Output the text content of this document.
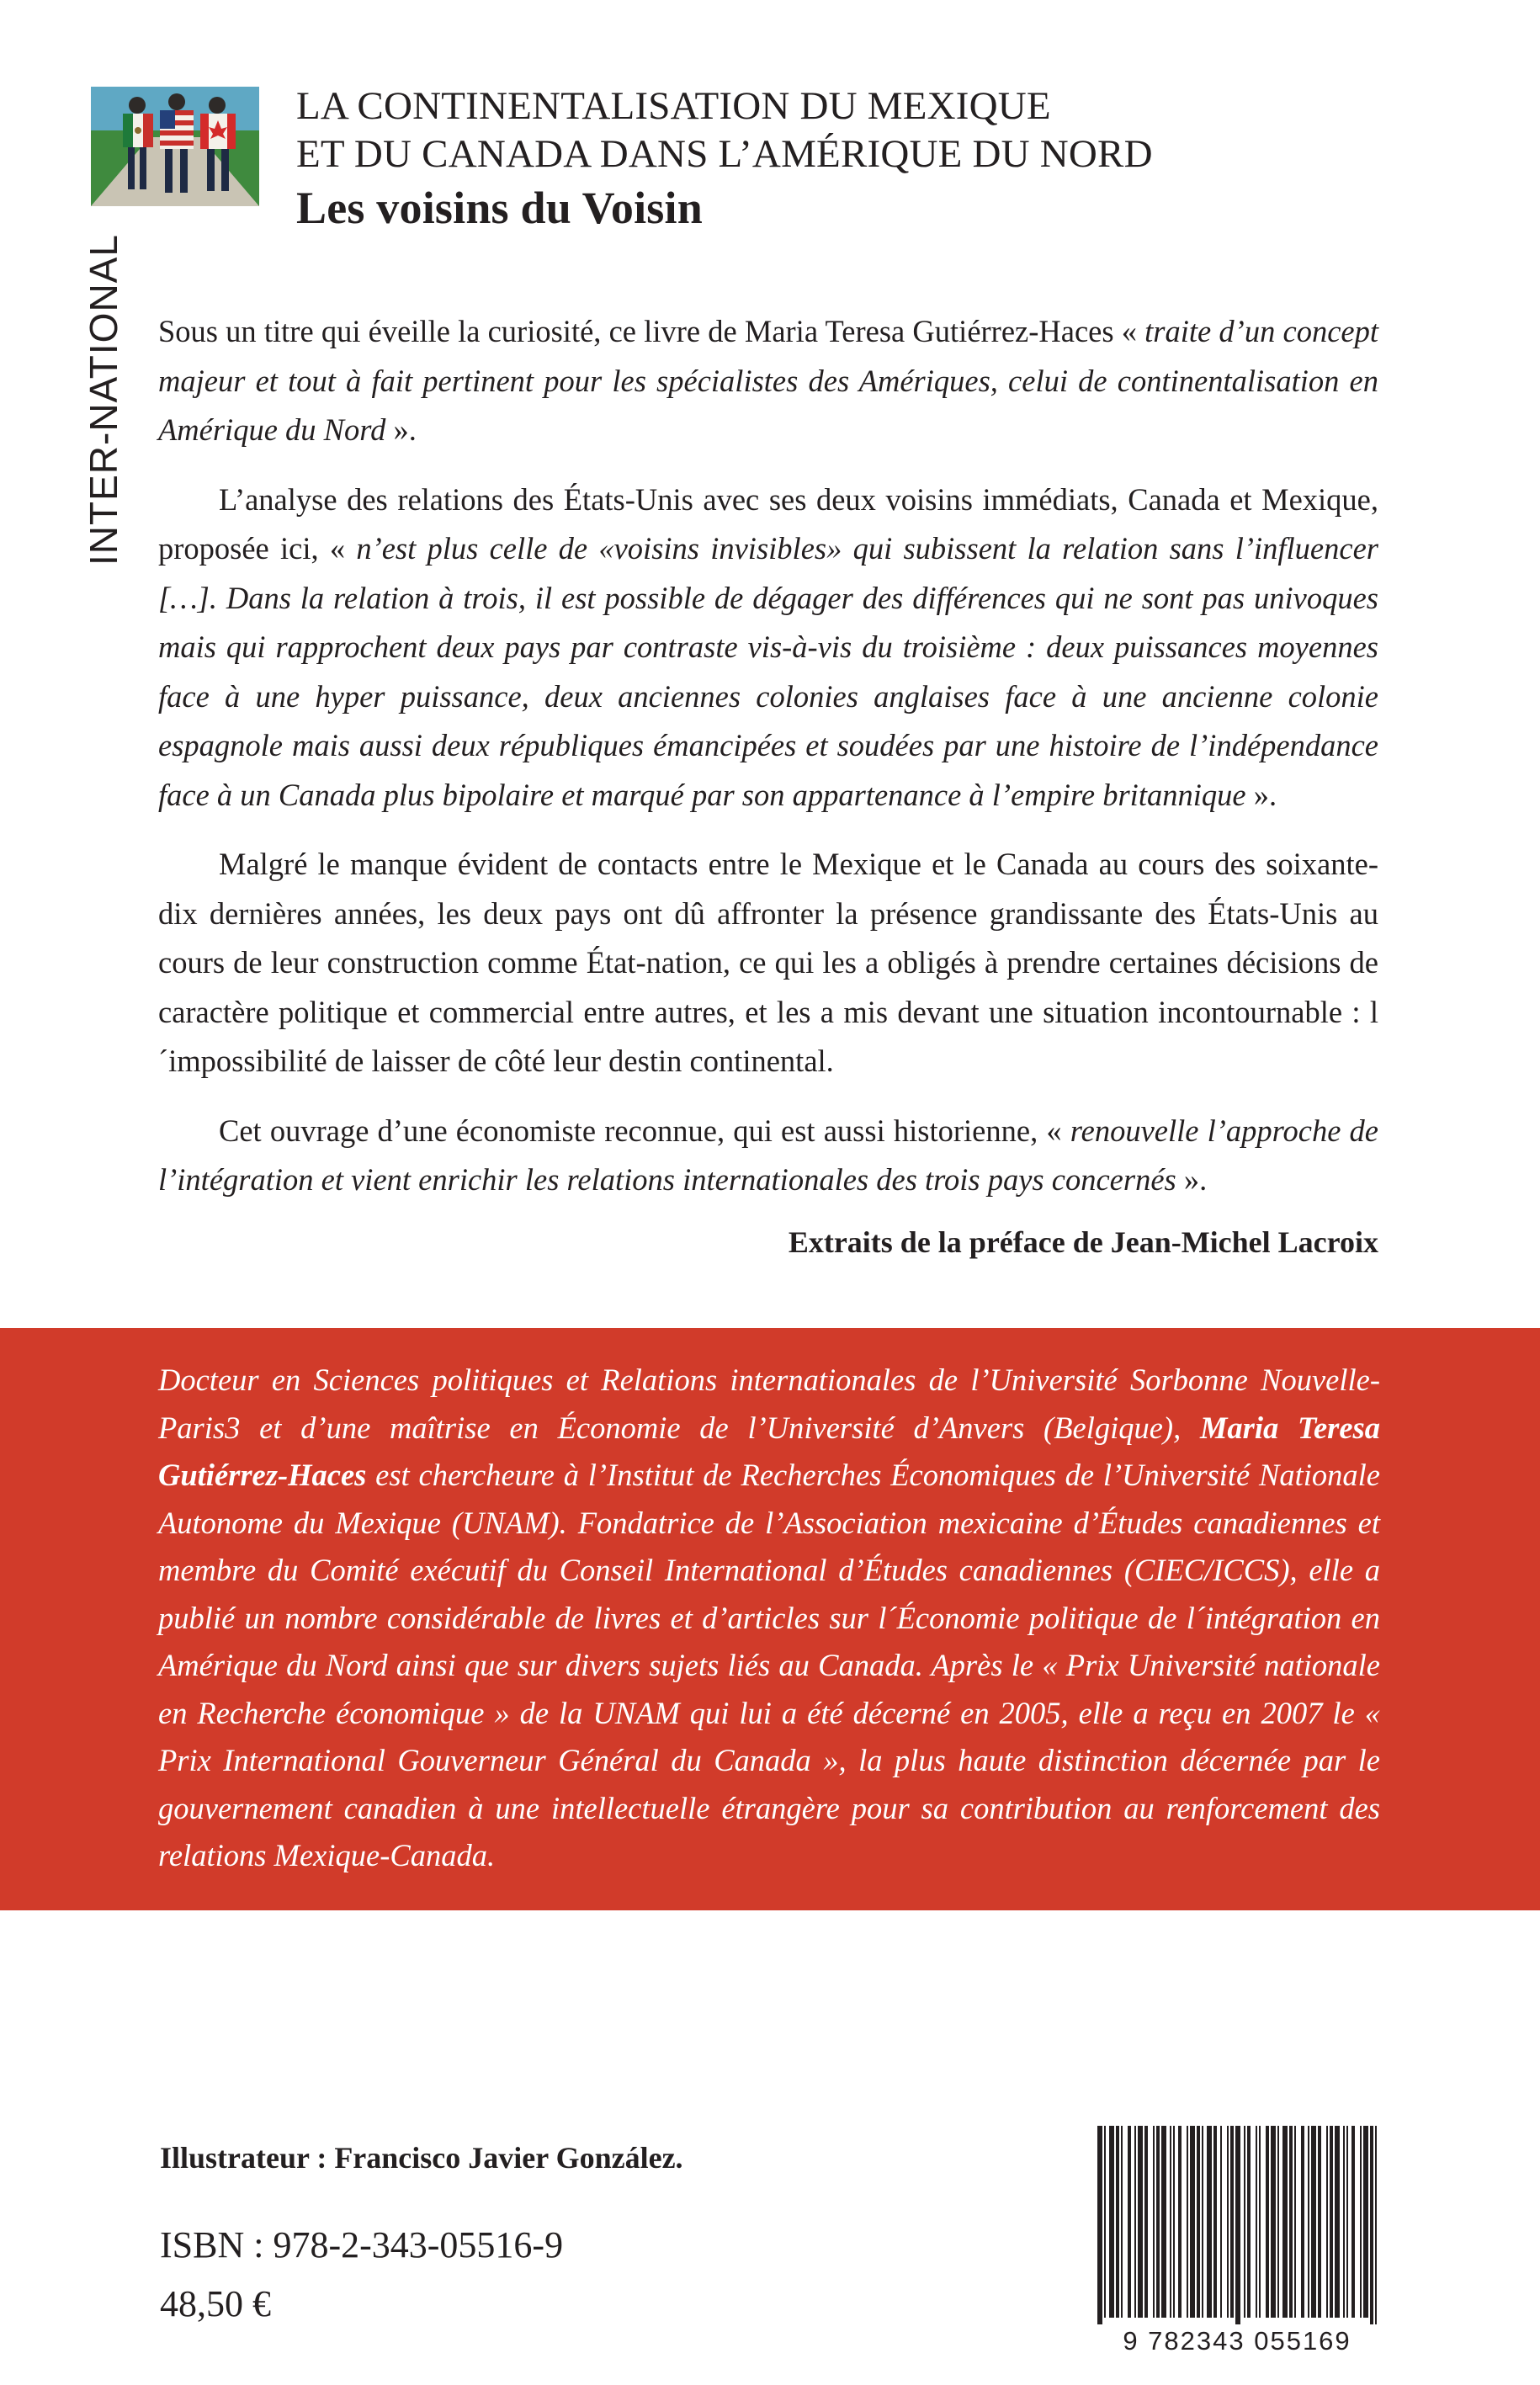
INTER-NATIONAL
LA CONTINENTALISATION DU MEXIQUE
ET DU CANADA DANS L’AMÉRIQUE DU NORD
Les voisins du Voisin

Sous un titre qui éveille la curiosité, ce livre de Maria Teresa Gutiérrez-Haces « traite d’un concept majeur et tout à fait pertinent pour les spécialistes des Amériques, celui de continentalisation en Amérique du Nord ».

L’analyse des relations des États-Unis avec ses deux voisins immédiats, Canada et Mexique, proposée ici, « n’est plus celle de «voisins invisibles» qui subissent la relation sans l’influencer […]. Dans la relation à trois, il est possible de dégager des différences qui ne sont pas univoques mais qui rapprochent deux pays par contraste vis-à-vis du troisième : deux puissances moyennes face à une hyper puissance, deux anciennes colonies anglaises face à une ancienne colonie espagnole mais aussi deux républiques émancipées et soudées par une histoire de l’indépendance face à un Canada plus bipolaire et marqué par son appartenance à l’empire britannique ».

Malgré le manque évident de contacts entre le Mexique et le Canada au cours des soixante-dix dernières années, les deux pays ont dû affronter la présence grandissante des États-Unis au cours de leur construction comme État-nation, ce qui les a obligés à prendre certaines décisions de caractère politique et commercial entre autres, et les a mis devant une situation incontournable : l´impossibilité de laisser de côté leur destin continental.

Cet ouvrage d’une économiste reconnue, qui est aussi historienne, « renouvelle l’approche de l’intégration et vient enrichir les relations internationales des trois pays concernés ».

Extraits de la préface de Jean-Michel Lacroix
Docteur en Sciences politiques et Relations internationales de l’Université Sorbonne Nouvelle-Paris3 et d’une maîtrise en Économie de l’Université d’Anvers (Belgique), Maria Teresa Gutiérrez-Haces est chercheure à l’Institut de Recherches Économiques de l’Université Nationale Autonome du Mexique (UNAM). Fondatrice de l’Association mexicaine d’Études canadiennes et membre du Comité exécutif du Conseil International d’Études canadiennes (CIEC/ICCS), elle a publié un nombre considérable de livres et d’articles sur l´Économie politique de l´intégration en Amérique du Nord ainsi que sur divers sujets liés au Canada. Après le « Prix Université nationale en Recherche économique » de la UNAM qui lui a été décerné en 2005, elle a reçu en 2007 le « Prix International Gouverneur Général du Canada », la plus haute distinction décernée par le gouvernement canadien à une intellectuelle étrangère pour sa contribution au renforcement des relations Mexique-Canada.
Illustrateur : Francisco Javier González.
ISBN : 978-2-343-05516-9
48,50 €
9 782343 055169
